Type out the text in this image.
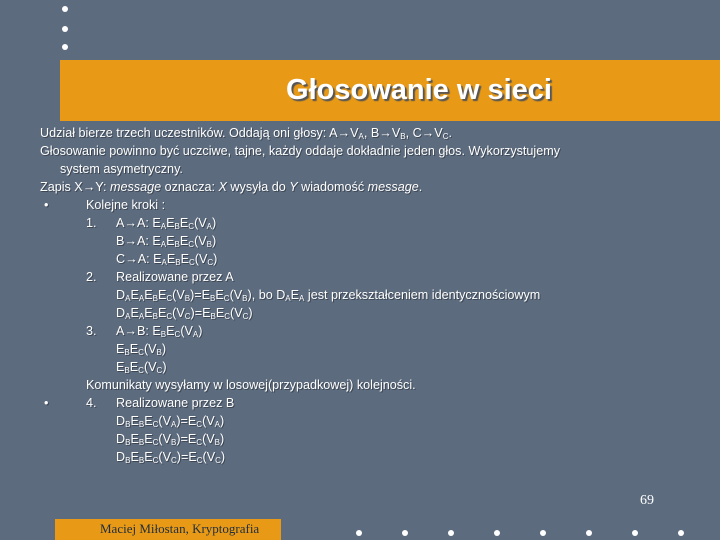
Głosowanie w sieci
Udział bierze trzech uczestników. Oddają oni głosy: $A\to V_A$, $B\to V_B$, $C\to V_C$.
Głosowanie powinno być uczciwe, tajne, każdy oddaje dokładnie jeden głos. Wykorzystujemy
system asymetryczny.
Zapis X→Y: message oznacza: X wysyła do Y wiadomość message.
•	Kolejne kroki :
1. A→A: $E_AE_BE_C(V_A)$
B→A: $E_AE_BE_C(V_B)$
C→A: $E_AE_BE_C(V_C)$
2. Realizowane przez A
$D_AE_AE_BE_C(V_B)=E_BE_C(V_B)$, bo $D_AE_A$ jest przekształceniem identycznościowym
$D_AE_AE_BE_C(V_C)=E_BE_C(V_C)$
3. A→B: $E_BE_C(V_A)$
$E_BE_C(V_B)$
$E_BE_C(V_C)$
Komunikaty wysyłamy w losowej(przypadkowej) kolejności.
•	4. Realizowane przez B
$D_BE_BE_C(V_A)=E_C(V_A)$
$D_BE_BE_C(V_B)=E_C(V_B)$
$D_BE_BE_C(V_C)=E_C(V_C)$
69
Maciej Miłostan, Kryptografia
